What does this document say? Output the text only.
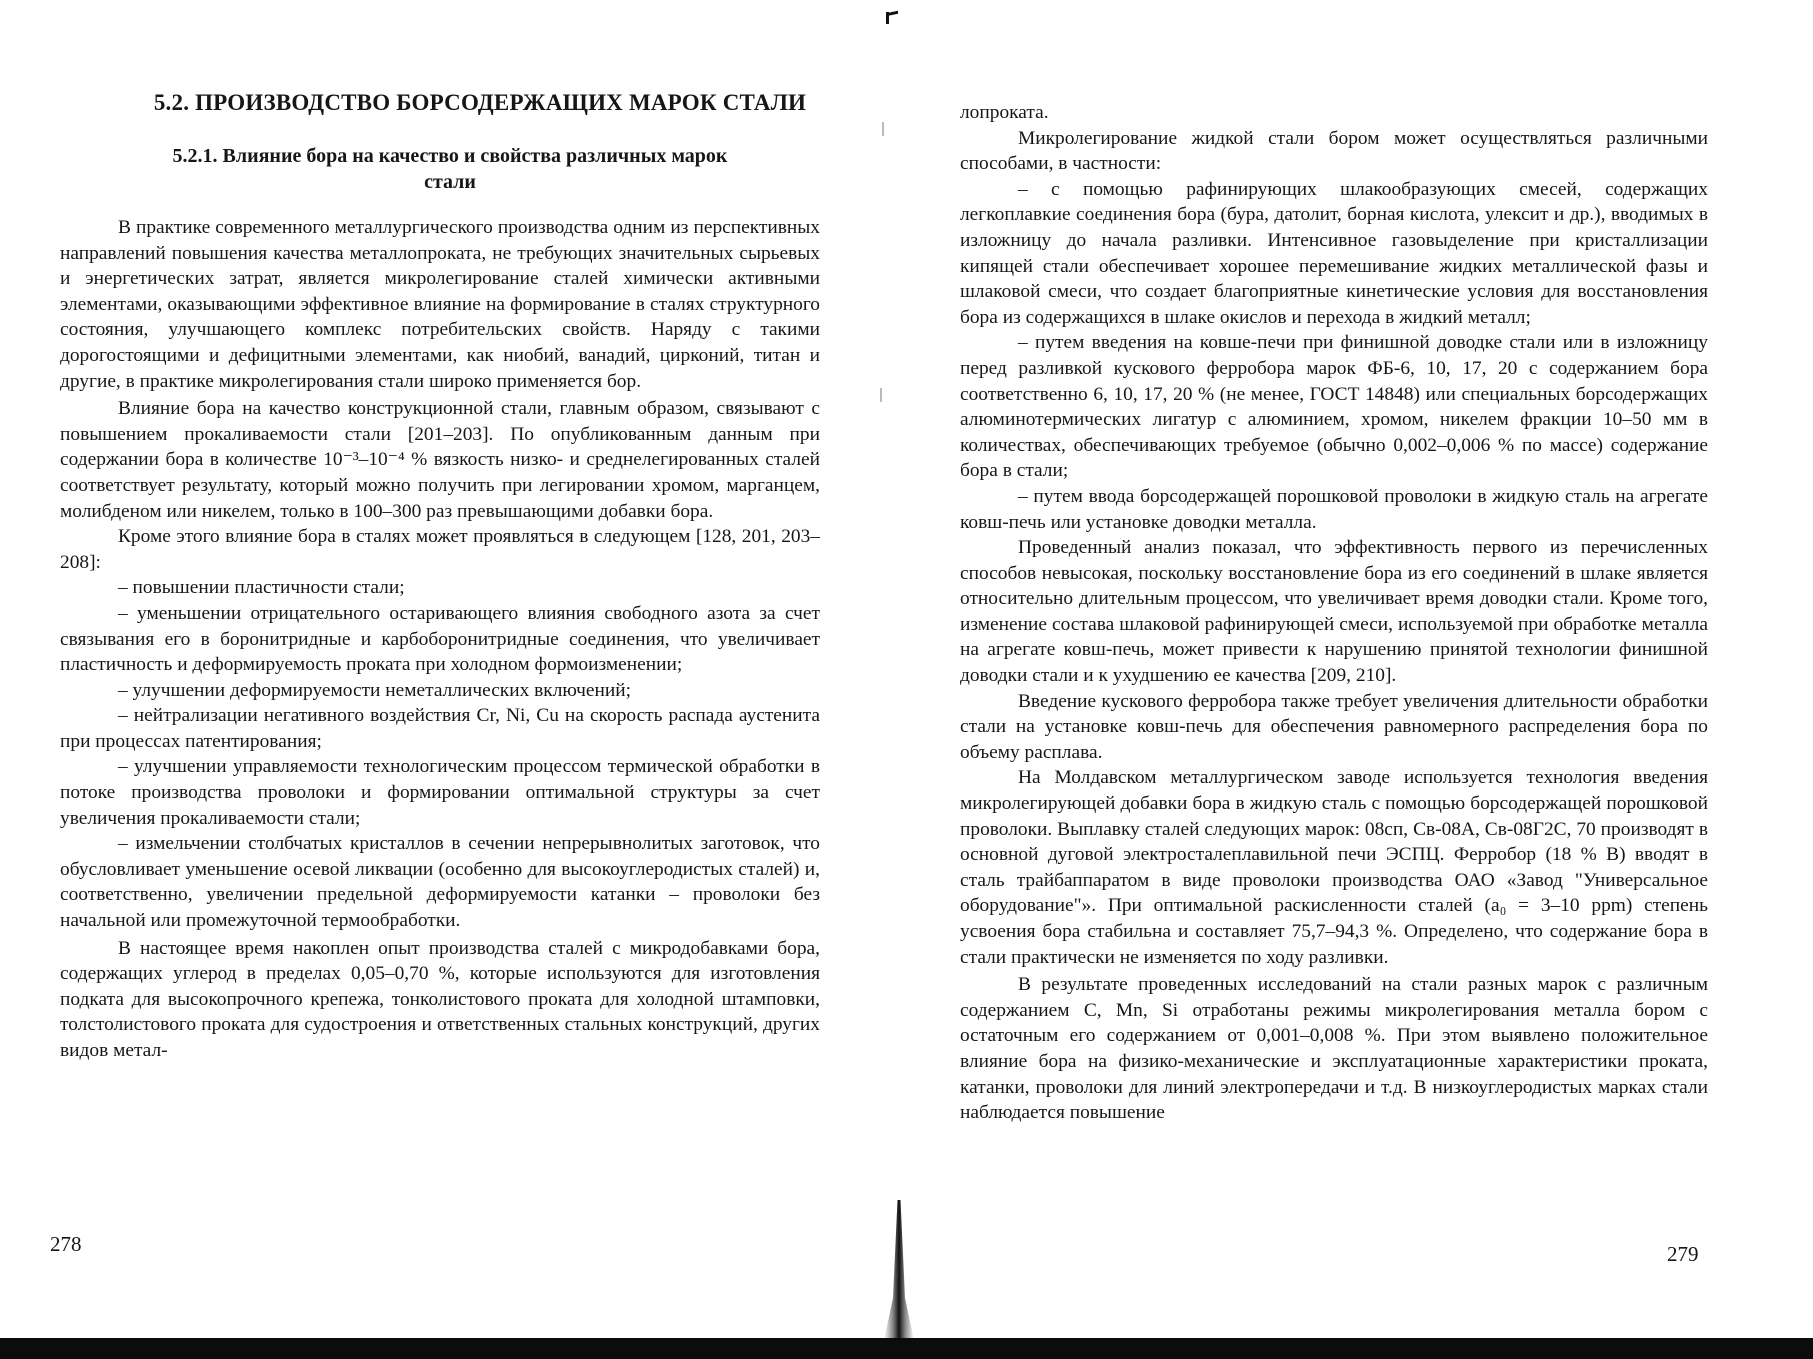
5.2. ПРОИЗВОДСТВО БОРСОДЕРЖАЩИХ МАРОК СТАЛИ
5.2.1. Влияние бора на качество и свойства различных марок стали

В практике современного металлургического производства одним из перспективных направлений повышения качества металлопроката, не требующих значительных сырьевых и энергетических затрат, является микролегирование сталей химически активными элементами, оказывающими эффективное влияние на формирование в сталях структурного состояния, улучшающего комплекс потребительских свойств. Наряду с такими дорогостоящими и дефицитными элементами, как ниобий, ванадий, цирконий, титан и другие, в практике микролегирования стали широко применяется бор.

Влияние бора на качество конструкционной стали, главным образом, связывают с повышением прокаливаемости стали [201–203]. По опубликованным данным при содержании бора в количестве 10⁻³–10⁻⁴ % вязкость низко- и среднелегированных сталей соответствует результату, который можно получить при легировании хромом, марганцем, молибденом или никелем, только в 100–300 раз превышающими добавки бора.

Кроме этого влияние бора в сталях может проявляться в следующем [128, 201, 203–208]:

– повышении пластичности стали;

– уменьшении отрицательного остаривающего влияния свободного азота за счет связывания его в боронитридные и карбоборонитридные соединения, что увеличивает пластичность и деформируемость проката при холодном формоизменении;

– улучшении деформируемости неметаллических включений;

– нейтрализации негативного воздействия Cr, Ni, Cu на скорость распада аустенита при процессах патентирования;

– улучшении управляемости технологическим процессом термической обработки в потоке производства проволоки и формировании оптимальной структуры за счет увеличения прокаливаемости стали;

– измельчении столбчатых кристаллов в сечении непрерывнолитых заготовок, что обусловливает уменьшение осевой ликвации (особенно для высокоуглеродистых сталей) и, соответственно, увеличении предельной деформируемости катанки – проволоки без начальной или промежуточной термообработки.

В настоящее время накоплен опыт производства сталей с микродобавками бора, содержащих углерод в пределах 0,05–0,70 %, которые используются для изготовления подката для высокопрочного крепежа, тонколистового проката для холодной штамповки, толстолистового проката для судостроения и ответственных стальных конструкций, других видов метал-

278

лопроката.

Микролегирование жидкой стали бором может осуществляться различными способами, в частности:

– с помощью рафинирующих шлакообразующих смесей, содержащих легкоплавкие соединения бора (бура, датолит, борная кислота, улексит и др.), вводимых в изложницу до начала разливки. Интенсивное газовыделение при кристаллизации кипящей стали обеспечивает хорошее перемешивание жидких металлической фазы и шлаковой смеси, что создает благоприятные кинетические условия для восстановления бора из содержащихся в шлаке окислов и перехода в жидкий металл;

– путем введения на ковше-печи при финишной доводке стали или в изложницу перед разливкой кускового ферробора марок ФБ-6, 10, 17, 20 с содержанием бора соответственно 6, 10, 17, 20 % (не менее, ГОСТ 14848) или специальных борсодержащих алюминотермических лигатур с алюминием, хромом, никелем фракции 10–50 мм в количествах, обеспечивающих требуемое (обычно 0,002–0,006 % по массе) содержание бора в стали;

– путем ввода борсодержащей порошковой проволоки в жидкую сталь на агрегате ковш-печь или установке доводки металла.

Проведенный анализ показал, что эффективность первого из перечисленных способов невысокая, поскольку восстановление бора из его соединений в шлаке является относительно длительным процессом, что увеличивает время доводки стали. Кроме того, изменение состава шлаковой рафинирующей смеси, используемой при обработке металла на агрегате ковш-печь, может привести к нарушению принятой технологии финишной доводки стали и к ухудшению ее качества [209, 210].

Введение кускового ферробора также требует увеличения длительности обработки стали на установке ковш-печь для обеспечения равномерного распределения бора по объему расплава.

На Молдавском металлургическом заводе используется технология введения микролегирующей добавки бора в жидкую сталь с помощью борсодержащей порошковой проволоки. Выплавку сталей следующих марок: 08сп, Св-08А, Св-08Г2С, 70 производят в основной дуговой электросталеплавильной печи ЭСПЦ. Ферробор (18 % B) вводят в сталь трайбаппаратом в виде проволоки производства ОАО «Завод "Универсальное оборудование"». При оптимальной раскисленности сталей (a₀ = 3–10 ppm) степень усвоения бора стабильна и составляет 75,7–94,3 %. Определено, что содержание бора в стали практически не изменяется по ходу разливки.

В результате проведенных исследований на стали разных марок с различным содержанием C, Mn, Si отработаны режимы микролегирования металла бором с остаточным его содержанием от 0,001–0,008 %. При этом выявлено положительное влияние бора на физико-механические и эксплуатационные характеристики проката, катанки, проволоки для линий электропередачи и т.д. В низкоуглеродистых марках стали наблюдается повышение

279
